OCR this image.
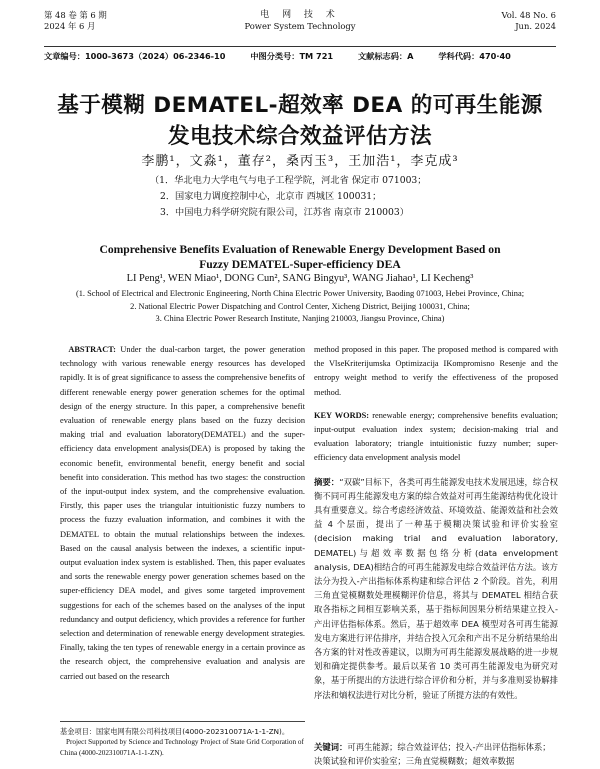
第 48 卷 第 6 期
2024 年 6 月
电 网 技 术
Power System Technology
Vol. 48 No. 6
Jun. 2024
文章编号：1000-3673（2024）06-2346-10	中图分类号：TM 721	文献标志码：A	学科代码：470·40
基于模糊 DEMATEL-超效率 DEA 的可再生能源
发电技术综合效益评估方法
李鹏¹，文淼¹，董存²，桑丙玉³，王加浩¹，李克成³
（1．华北电力大学电气与电子工程学院，河北省 保定市 071003；
2．国家电力调度控制中心，北京市 西城区 100031；
3．中国电力科学研究院有限公司，江苏省 南京市 210003）
Comprehensive Benefits Evaluation of Renewable Energy Development Based on
Fuzzy DEMATEL-Super-efficiency DEA
LI Peng¹, WEN Miao¹, DONG Cun², SANG Bingyu³, WANG Jiahao¹, LI Kecheng³
(1. School of Electrical and Electronic Engineering, North China Electric Power University, Baoding 071003, Hebei Province, China;
2. National Electric Power Dispatching and Control Center, Xicheng District, Beijing 100031, China;
3. China Electric Power Research Institute, Nanjing 210003, Jiangsu Province, China)

 ABSTRACT: Under the dual-carbon target, the power generation technology with various renewable energy resources has developed rapidly. It is of great significance to assess the comprehensive benefits of different renewable energy power generation schemes for the optimal design of the energy structure. In this paper, a comprehensive benefit evaluation of renewable energy plans based on the fuzzy decision making trial and evaluation laboratory(DEMATEL) and the super-efficiency data envelopment analysis(DEA) is proposed by taking the economic benefit, environmental benefit, energy benefit and social benefit into consideration. This method has two stages: the construction of the input-output index system, and the comprehensive evaluation. Firstly, this paper uses the triangular intuitionistic fuzzy numbers to process the fuzzy evaluation information, and combines it with the DEMATEL to obtain the mutual relationships between the indexes. Based on the causal analysis between the indexes, a scientific input-output evaluation index system is established. Then, this paper evaluates and sorts the renewable energy power generation schemes based on the super-efficiency DEA model, and gives some targeted improvement suggestions for each of the schemes based on the analyses of the input redundancy and output deficiency, which provides a reference for further selection and determination of renewable energy development strategies. Finally, taking the ten types of renewable energy in a certain province as the research object, the comprehensive evaluation and analysis are carried out based on the research

method proposed in this paper. The proposed method is compared with the VlseKriterijumska Optimizacija IKompromisno Resenje and the entropy weight method to verify the effectiveness of the proposed method.

KEY WORDS: renewable energy; comprehensive benefits evaluation; input-output evaluation index system; decision-making trial and evaluation laboratory; triangle intuitionistic fuzzy number; super-efficiency data envelopment analysis model

摘要：“双碳”目标下，各类可再生能源发电技术发展迅速，综合权衡不同可再生能源发电方案的综合效益对可再生能源结构优化设计具有重要意义。综合考虑经济效益、环境效益、能源效益和社会效益 4 个层面，提出了一种基于模糊决策试验和评价实验室(decision making trial and evaluation laboratory, DEMATEL)与超效率数据包络分析(data envelopment analysis, DEA)相结合的可再生能源发电综合效益评估方法。该方法分为投入-产出指标体系构建和综合评估 2 个阶段。首先，利用三角直觉模糊数处理模糊评价信息，将其与 DEMATEL 相结合获取各指标之间相互影响关系，基于指标间因果分析结果建立投入-产出评估指标体系。然后，基于超效率 DEA 模型对各可再生能源发电方案进行评估排序，并结合投入冗余和产出不足分析结果给出各方案的针对性改善建议，以期为可再生能源发展战略的进一步规划和确定提供参考。最后以某省 10 类可再生能源发电为研究对象，基于所提出的方法进行综合评价和分析，并与多准则妥协解排序法和熵权法进行对比分析，验证了所提方法的有效性。

关键词：可再生能源；综合效益评估；投入-产出评估指标体系；决策试验和评价实验室；三角直觉模糊数；超效率数据
基金项目：国家电网有限公司科技项目(4000-202310071A-1-1-ZN)。
Project Supported by Science and Technology Project of State Grid Corporation of China (4000-202310071A-1-1-ZN).
